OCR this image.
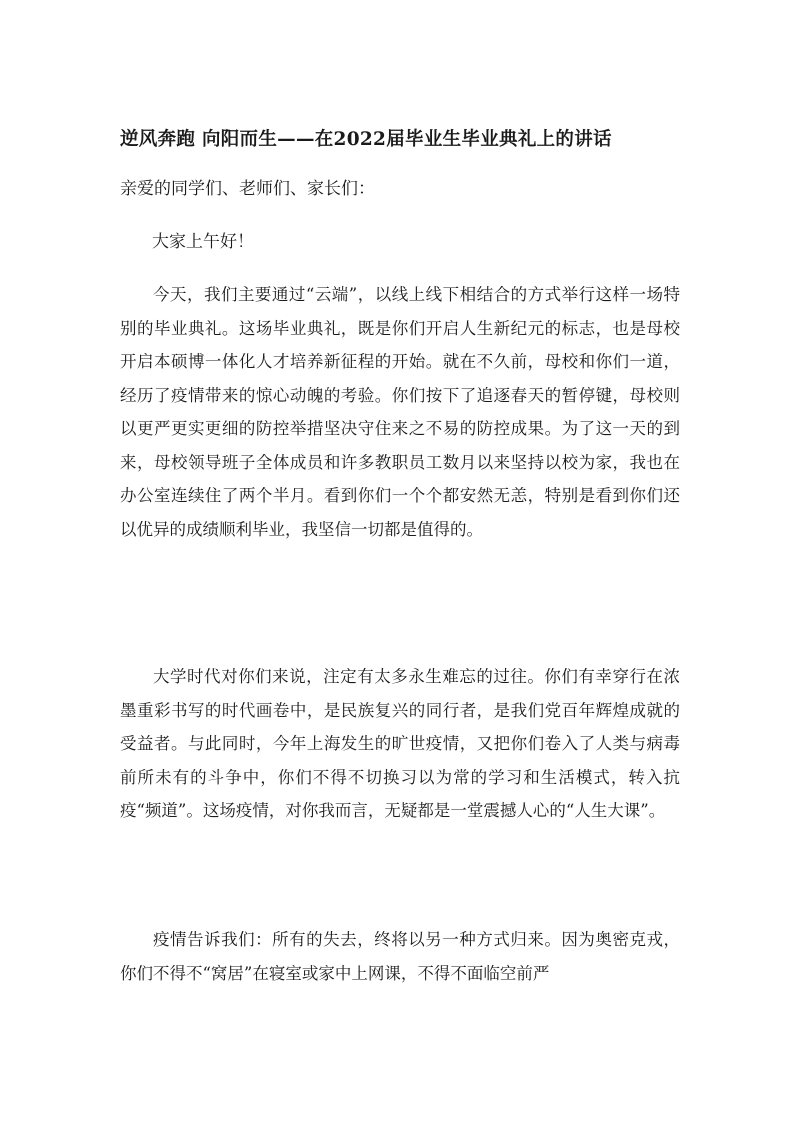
逆风奔跑 向阳而生——在2022届毕业生毕业典礼上的讲话
亲爱的同学们、老师们、家长们：
大家上午好！

今天，我们主要通过“云端”，以线上线下相结合的方式举行这样一场特别的毕业典礼。这场毕业典礼，既是你们开启人生新纪元的标志，也是母校开启本硕博一体化人才培养新征程的开始。就在不久前，母校和你们一道，经历了疫情带来的惊心动魄的考验。你们按下了追逐春天的暂停键，母校则以更严更实更细的防控举措坚决守住来之不易的防控成果。为了这一天的到来，母校领导班子全体成员和许多教职员工数月以来坚持以校为家，我也在办公室连续住了两个半月。看到你们一个个都安然无恙，特别是看到你们还以优异的成绩顺利毕业，我坚信一切都是值得的。

大学时代对你们来说，注定有太多永生难忘的过往。你们有幸穿行在浓墨重彩书写的时代画卷中，是民族复兴的同行者，是我们党百年辉煌成就的受益者。与此同时，今年上海发生的旷世疫情，又把你们卷入了人类与病毒前所未有的斗争中，你们不得不切换习以为常的学习和生活模式，转入抗疫“频道”。这场疫情，对你我而言，无疑都是一堂震撼人心的“人生大课”。

疫情告诉我们：所有的失去，终将以另一种方式归来。因为奥密克戎，你们不得不“窝居”在寝室或家中上网课，不得不面临空前严
